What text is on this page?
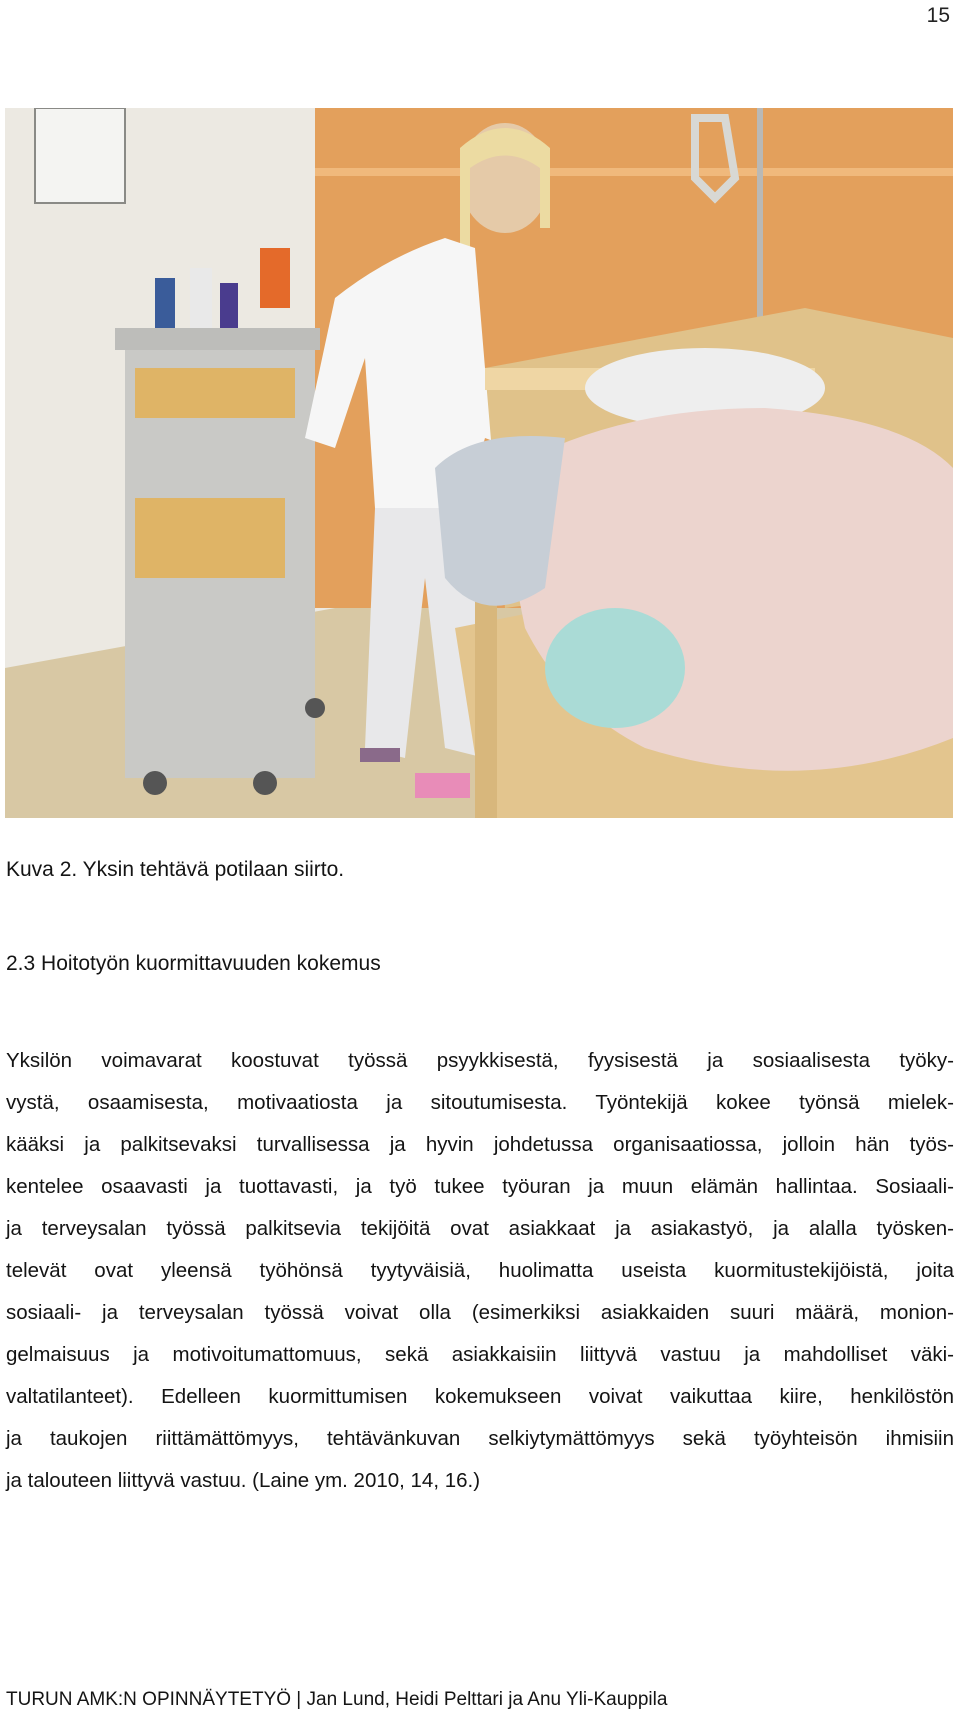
15

Kuva 2. Yksin tehtävä potilaan siirto.

2.3 Hoitotyön kuormittavuuden kokemus
Yksilön voimavarat koostuvat työssä psyykkisestä, fyysisestä ja sosiaalisesta työky-
vystä, osaamisesta, motivaatiosta ja sitoutumisesta. Työntekijä kokee työnsä mielek-
kääksi ja palkitsevaksi turvallisessa ja hyvin johdetussa organisaatiossa, jolloin hän työs-
kentelee osaavasti ja tuottavasti, ja työ tukee työuran ja muun elämän hallintaa. Sosiaali-
ja terveysalan työssä palkitsevia tekijöitä ovat asiakkaat ja asiakastyö, ja alalla työsken-
televät ovat yleensä työhönsä tyytyväisiä, huolimatta useista kuormitustekijöistä, joita
sosiaali- ja terveysalan työssä voivat olla (esimerkiksi asiakkaiden suuri määrä, monion-
gelmaisuus ja motivoitumattomuus, sekä asiakkaisiin liittyvä vastuu ja mahdolliset väki-
valtatilanteet). Edelleen kuormittumisen kokemukseen voivat vaikuttaa kiire, henkilöstön
ja taukojen riittämättömyys, tehtävänkuvan selkiytymättömyys sekä työyhteisön ihmisiin
ja talouteen liittyvä vastuu. (Laine ym. 2010, 14, 16.)
TURUN AMK:N OPINNÄYTETYÖ | Jan Lund, Heidi Pelttari ja Anu Yli-Kauppila
